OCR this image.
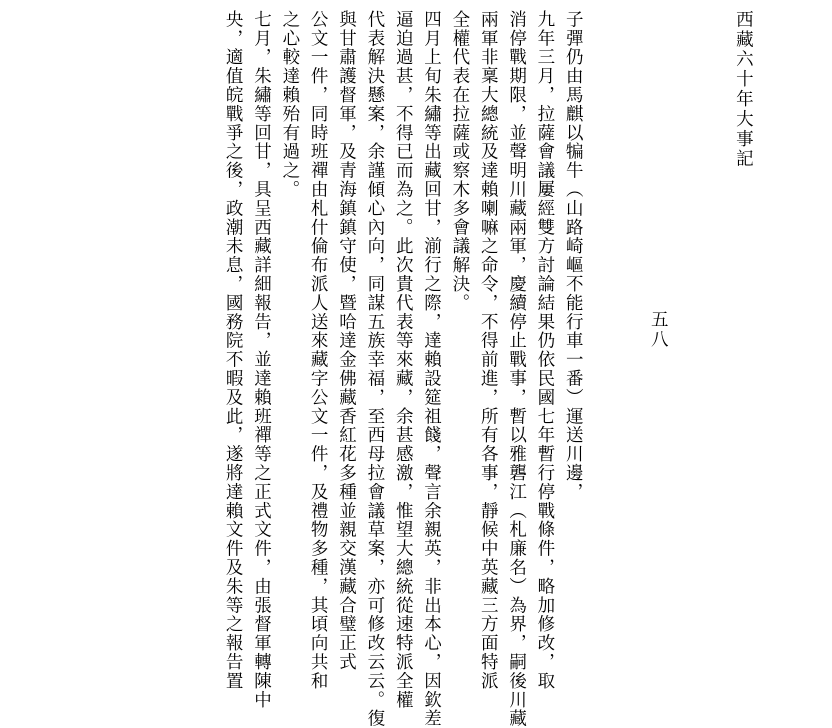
西藏六十年大事記

五八

子彈仍由馬麒以犏牛（山路崎嶇不能行車一番）運送川邊，
九年三月，拉薩會議屢經雙方討論結果仍依民國七年暫行停戰條件，略加修改，取
消停戰期限，並聲明川藏兩軍，慶續停止戰事，暫以雅礱江（札廉名）為界，嗣後川藏
兩軍非稟大總統及達賴喇嘛之命令，不得前進，所有各事，靜候中英藏三方面特派
全權代表在拉薩或察木多會議解決。
四月上旬朱繡等出藏回甘，湔行之際，達賴設筵祖餞，聲言余親英，非出本心，因欽差
逼迫過甚，不得已而為之。此次貴代表等來藏，余甚感激，惟望大總統從速特派全權
代表解決懸案，余謹傾心內向，同謀五族幸福，至西母拉會議草案，亦可修改云云。復
與甘肅護督軍，及青海鎮鎮守使，暨哈達金佛藏香紅花多種並親交漢藏合璧正式
公文一件，同時班禪由札什倫布派人送來藏字公文一件，及禮物多種，其頃向共和
之心較達賴殆有過之。
七月，朱繡等回甘，具呈西藏詳細報告，並達賴班禪等之正式文件，由張督軍轉陳中
央，適值皖戰爭之後，政潮未息，國務院不暇及此，遂將達賴文件及朱等之報告置
